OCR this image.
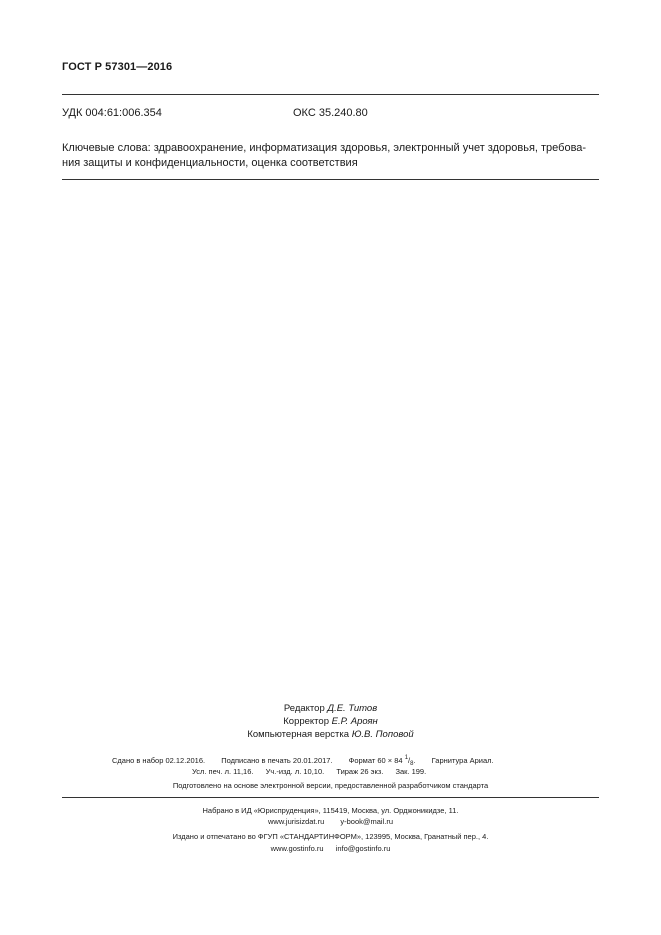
ГОСТ Р 57301—2016
УДК 004:61:006.354	ОКС 35.240.80
Ключевые слова: здравоохранение, информатизация здоровья, электронный учет здоровья, требова-
ния защиты и конфиденциальности, оценка соответствия
Редактор Д.Е. Титов
Корректор Е.Р. Ароян
Компьютерная верстка Ю.В. Поповой
Сдано в набор 02.12.2016. Подписано в печать 20.01.2017. Формат 60 × 84 $^1/_8$. Гарнитура Ариал.
Усл. печ. л. 11,16. Уч.-изд. л. 10,10. Тираж 26 экз. Зак. 199.
Подготовлено на основе электронной версии, предоставленной разработчиком стандарта
Набрано в ИД «Юриспруденция», 115419, Москва, ул. Орджоникидзе, 11.
www.jurisizdat.ru y-book@mail.ru
Издано и отпечатано во ФГУП «СТАНДАРТИНФОРМ», 123995, Москва, Гранатный пер., 4.
www.gostinfo.ru info@gostinfo.ru
